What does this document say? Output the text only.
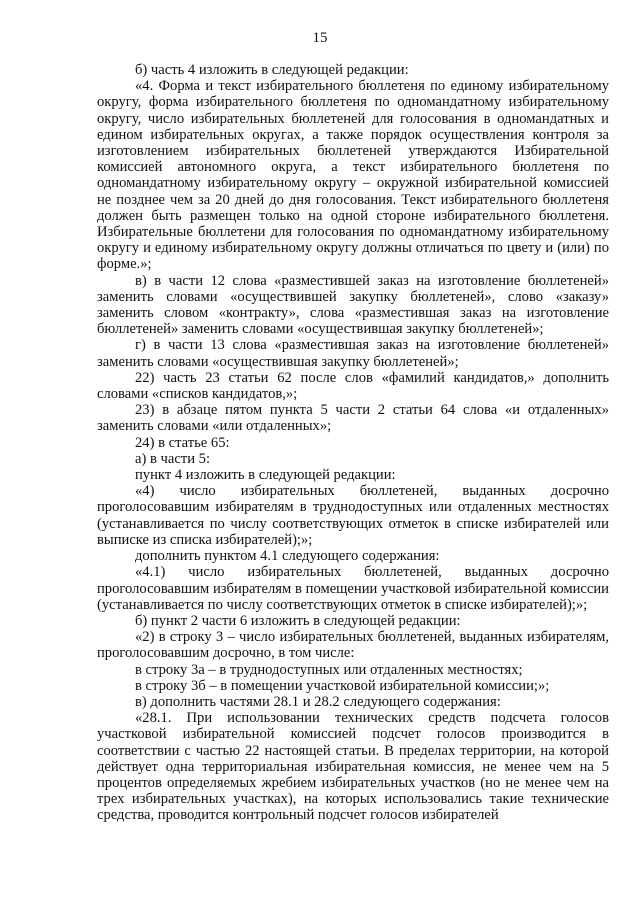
15

б) часть 4 изложить в следующей редакции:

«4. Форма и текст избирательного бюллетеня по единому избирательному округу, форма избирательного бюллетеня по одномандатному избирательному округу, число избирательных бюллетеней для голосования в одномандатных и едином избирательных округах, а также порядок осуществления контроля за изготовлением избирательных бюллетеней утверждаются Избирательной комиссией автономного округа, а текст избирательного бюллетеня по одномандатному избирательному округу – окружной избирательной комиссией не позднее чем за 20 дней до дня голосования. Текст избирательного бюллетеня должен быть размещен только на одной стороне избирательного бюллетеня. Избирательные бюллетени для голосования по одномандатному избирательному округу и единому избирательному округу должны отличаться по цвету и (или) по форме.»;

в) в части 12 слова «разместившей заказ на изготовление бюллетеней» заменить словами «осуществившей закупку бюллетеней», слово «заказу» заменить словом «контракту», слова «разместившая заказ на изготовление бюллетеней» заменить словами «осуществившая закупку бюллетеней»;

г) в части 13 слова «разместившая заказ на изготовление бюллетеней» заменить словами «осуществившая закупку бюллетеней»;

22) часть 23 статьи 62 после слов «фамилий кандидатов,» дополнить словами «списков кандидатов,»;

23) в абзаце пятом пункта 5 части 2 статьи 64 слова «и отдаленных» заменить словами «или отдаленных»;

24) в статье 65:

а) в части 5:

пункт 4 изложить в следующей редакции:

«4) число избирательных бюллетеней, выданных досрочно проголосовавшим избирателям в труднодоступных или отдаленных местностях (устанавливается по числу соответствующих отметок в списке избирателей или выписке из списка избирателей);»;

дополнить пунктом 4.1 следующего содержания:

«4.1) число избирательных бюллетеней, выданных досрочно проголосовавшим избирателям в помещении участковой избирательной комиссии (устанавливается по числу соответствующих отметок в списке избирателей);»;

б) пункт 2 части 6 изложить в следующей редакции:

«2) в строку 3 – число избирательных бюллетеней, выданных избирателям, проголосовавшим досрочно, в том числе:

в строку 3а – в труднодоступных или отдаленных местностях;

в строку 3б – в помещении участковой избирательной комиссии;»;

в) дополнить частями 28.1 и 28.2 следующего содержания:

«28.1. При использовании технических средств подсчета голосов участковой избирательной комиссией подсчет голосов производится в соответствии с частью 22 настоящей статьи. В пределах территории, на которой действует одна территориальная избирательная комиссия, не менее чем на 5 процентов определяемых жребием избирательных участков (но не менее чем на трех избирательных участках), на которых использовались такие технические средства, проводится контрольный подсчет голосов избирателей
